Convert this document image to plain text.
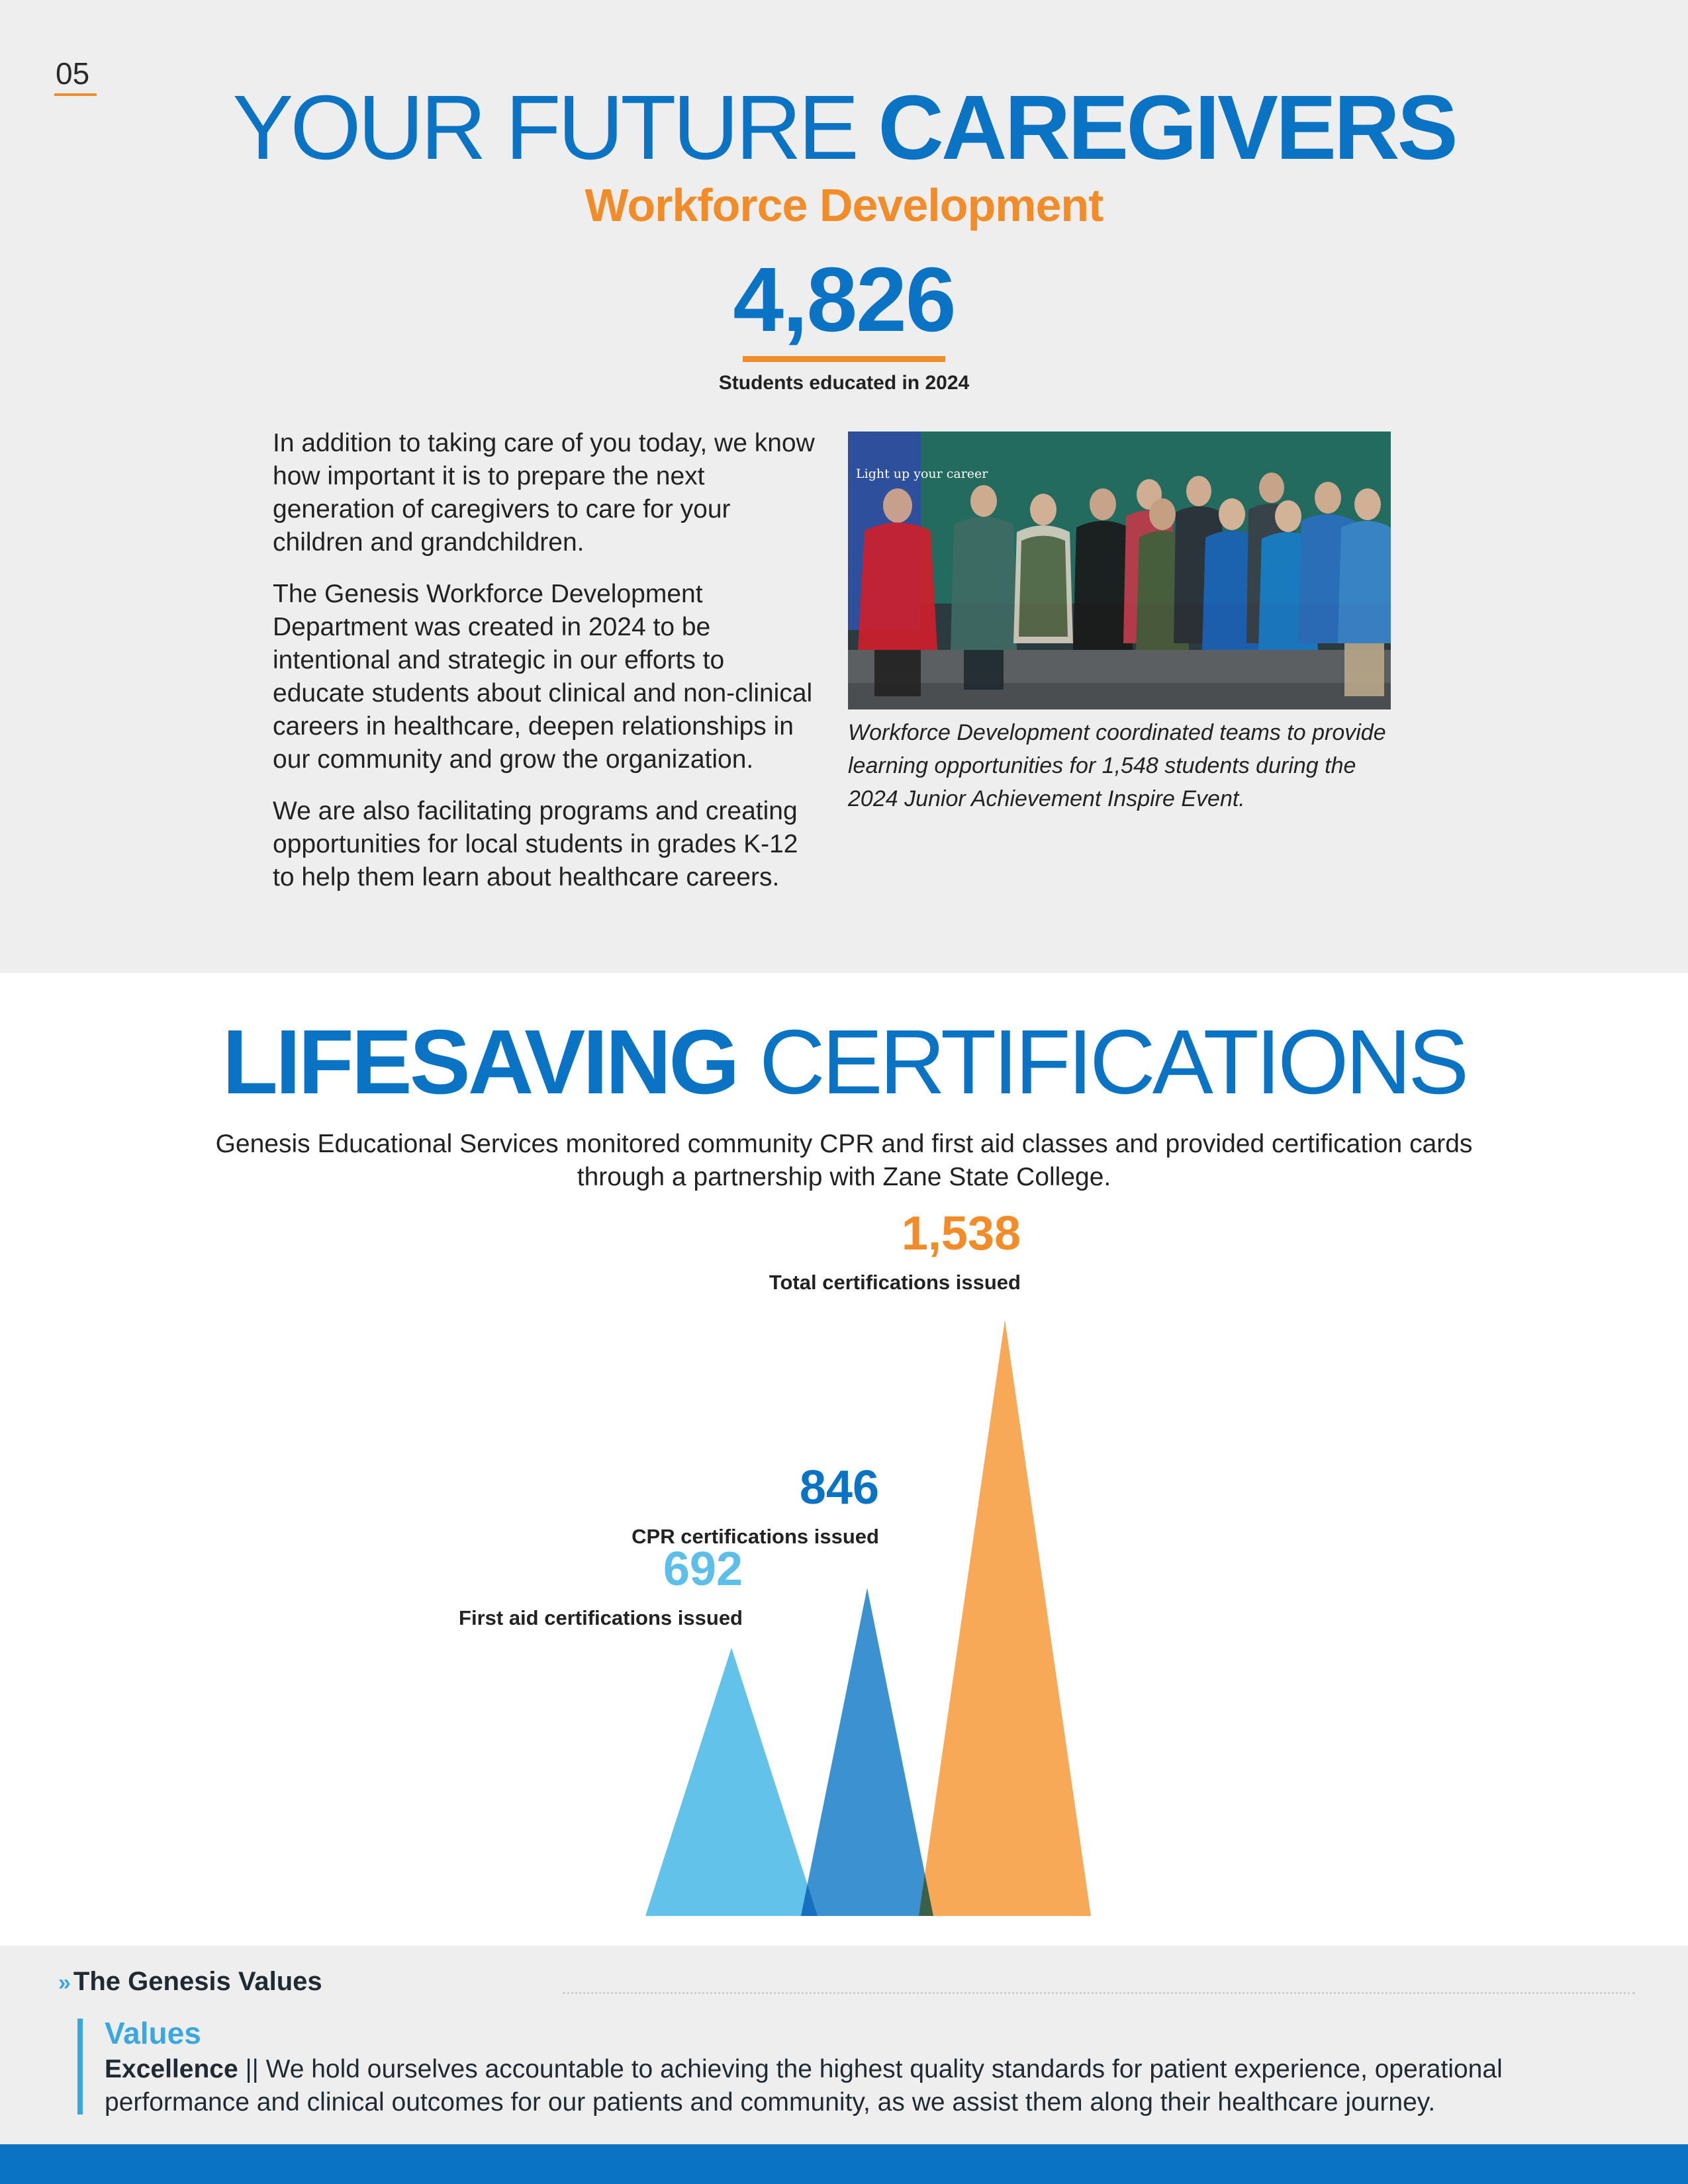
05
YOUR FUTURE CAREGIVERS
Workforce Development
4,826
Students educated in 2024

In addition to taking care of you today, we know how important it is to prepare the next generation of caregivers to care for your children and grandchildren.

The Genesis Workforce Development Department was created in 2024 to be intentional and strategic in our efforts to educate students about clinical and non-clinical careers in healthcare, deepen relationships in our community and grow the organization.

We are also facilitating programs and creating opportunities for local students in grades K-12 to help them learn about healthcare careers.

Light up your career
Workforce Development coordinated teams to provide learning opportunities for 1,548 students during the 2024 Junior Achievement Inspire Event.
LIFESAVING CERTIFICATIONS
Genesis Educational Services monitored community CPR and first aid classes and provided certification cards through a partnership with Zane State College.
692
First aid certifications issued
846
CPR certifications issued
1,538
Total certifications issued
» The Genesis Values
Values
Excellence || We hold ourselves accountable to achieving the highest quality standards for patient experience, operational performance and clinical outcomes for our patients and community, as we assist them along their healthcare journey.
